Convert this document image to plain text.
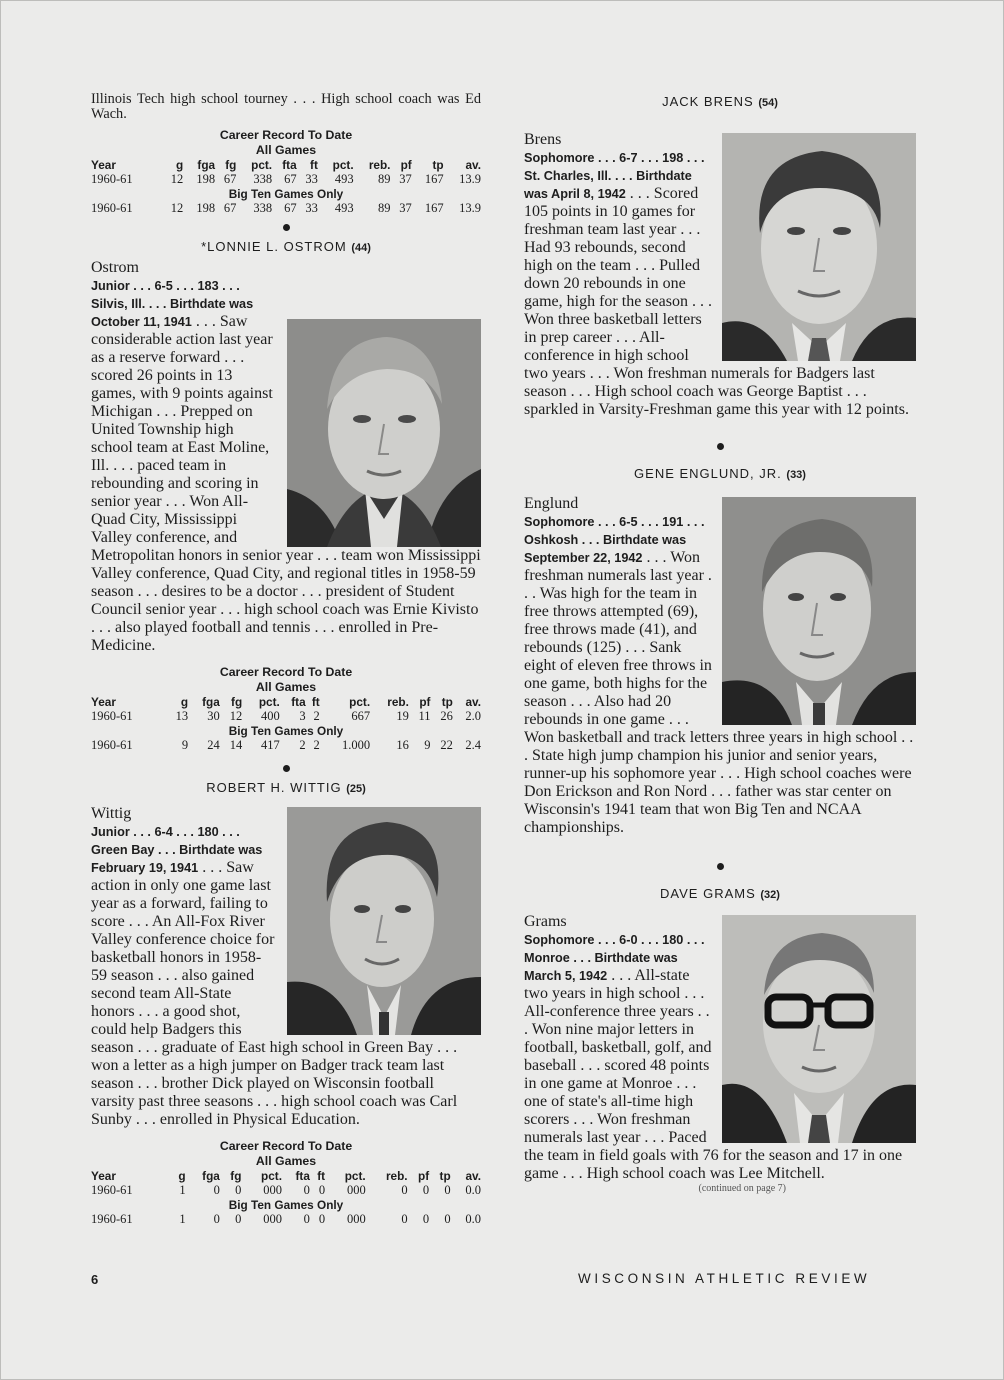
Illinois Tech high school tourney . . . High school coach was Ed Wach.

Career Record To Date
All Games
Year	g	fga	fg	pct.	fta	ft	pct.	reb.	pf	tp	av.
1960-61	12	198	67	338	67	33	493	89	37	167	13.9
Big Ten Games Only											
1960-61	12	198	67	338	67	33	493	89	37	167	13.9
*LONNIE L. OSTROM (44)

Ostrom
Junior . . . 6-5 . . . 183 . . . Silvis, Ill. . . . Birthdate was October 11, 1941 . . . Saw considerable action last year as a reserve forward . . . scored 26 points in 13 games, with 9 points against Michigan . . . Prepped on United Township high school team at East Moline, Ill. . . . paced team in rebounding and scoring in senior year . . . Won All-Quad City, Mississippi Valley conference, and Metropolitan honors in senior year . . . team won Mississippi Valley conference, Quad City, and regional titles in 1958-59 season . . . desires to be a doctor . . . president of Student Council senior year . . . high school coach was Ernie Kivisto . . . also played football and tennis . . . enrolled in Pre-Medicine.

Career Record To Date
All Games
Year	g	fga	fg	pct.	fta	ft	pct.	reb.	pf	tp	av.
1960-61	13	30	12	400	3	2	667	19	11	26	2.0
Big Ten Games Only											
1960-61	9	24	14	417	2	2	1.000	16	9	22	2.4
ROBERT H. WITTIG (25)

Wittig
Junior . . . 6-4 . . . 180 . . . Green Bay . . . Birthdate was February 19, 1941 . . . Saw action in only one game last year as a forward, failing to score . . . An All-Fox River Valley conference choice for basketball honors in 1958-59 season . . . also gained second team All-State honors . . . a good shot, could help Badgers this season . . . graduate of East high school in Green Bay . . . won a letter as a high jumper on Badger track team last season . . . brother Dick played on Wisconsin football varsity past three seasons . . . high school coach was Carl Sunby . . . enrolled in Physical Education.

Career Record To Date
All Games
Year	g	fga	fg	pct.	fta	ft	pct.	reb.	pf	tp	av.
1960-61	1	0	0	000	0	0	000	0	0	0	0.0
Big Ten Games Only											
1960-61	1	0	0	000	0	0	000	0	0	0	0.0
JACK BRENS (54)

Brens
Sophomore . . . 6-7 . . . 198 . . . St. Charles, Ill. . . . Birthdate was April 8, 1942 . . . Scored 105 points in 10 games for freshman team last year . . . Had 93 rebounds, second high on the team . . . Pulled down 20 rebounds in one game, high for the season . . . Won three basketball letters in prep career . . . All-conference in high school two years . . . Won freshman numerals for Badgers last season . . . High school coach was George Baptist . . . sparkled in Varsity-Freshman game this year with 12 points.

GENE ENGLUND, JR. (33)

Englund
Sophomore . . . 6-5 . . . 191 . . . Oshkosh . . . Birthdate was September 22, 1942 . . . Won freshman numerals last year . . . Was high for the team in free throws attempted (69), free throws made (41), and rebounds (125) . . . Sank eight of eleven free throws in one game, both highs for the season . . . Also had 20 rebounds in one game . . . Won basketball and track letters three years in high school . . . State high jump champion his junior and senior years, runner-up his sophomore year . . . High school coaches were Don Erickson and Ron Nord . . . father was star center on Wisconsin's 1941 team that won Big Ten and NCAA championships.

DAVE GRAMS (32)

Grams
Sophomore . . . 6-0 . . . 180 . . . Monroe . . . Birthdate was March 5, 1942 . . . All-state two years in high school . . . All-conference three years . . . Won nine major letters in football, basketball, golf, and baseball . . . scored 48 points in one game at Monroe . . . one of state's all-time high scorers . . . Won freshman numerals last year . . . Paced the team in field goals with 76 for the season and 17 in one game . . . High school coach was Lee Mitchell.

(continued on page 7)
6	WISCONSIN ATHLETIC REVIEW
